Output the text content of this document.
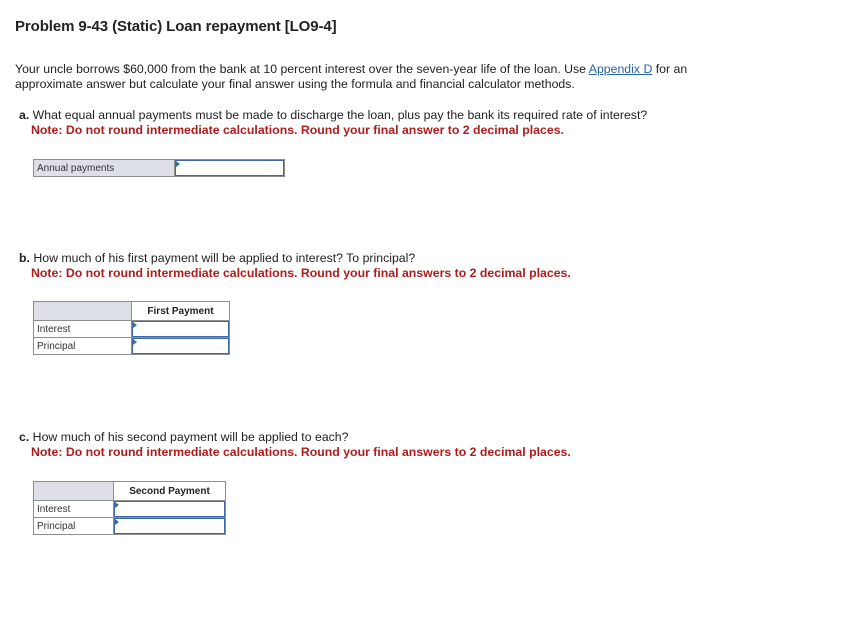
Problem 9-43 (Static) Loan repayment [LO9-4]
Your uncle borrows $60,000 from the bank at 10 percent interest over the seven-year life of the loan. Use Appendix D for an approximate answer but calculate your final answer using the formula and financial calculator methods.
a. What equal annual payments must be made to discharge the loan, plus pay the bank its required rate of interest?
Note: Do not round intermediate calculations. Round your final answer to 2 decimal places.
Annual payments	
b. How much of his first payment will be applied to interest? To principal?
Note: Do not round intermediate calculations. Round your final answers to 2 decimal places.
	First Payment
Interest	

Principal	
c. How much of his second payment will be applied to each?
Note: Do not round intermediate calculations. Round your final answers to 2 decimal places.
	Second Payment
Interest	

Principal	
